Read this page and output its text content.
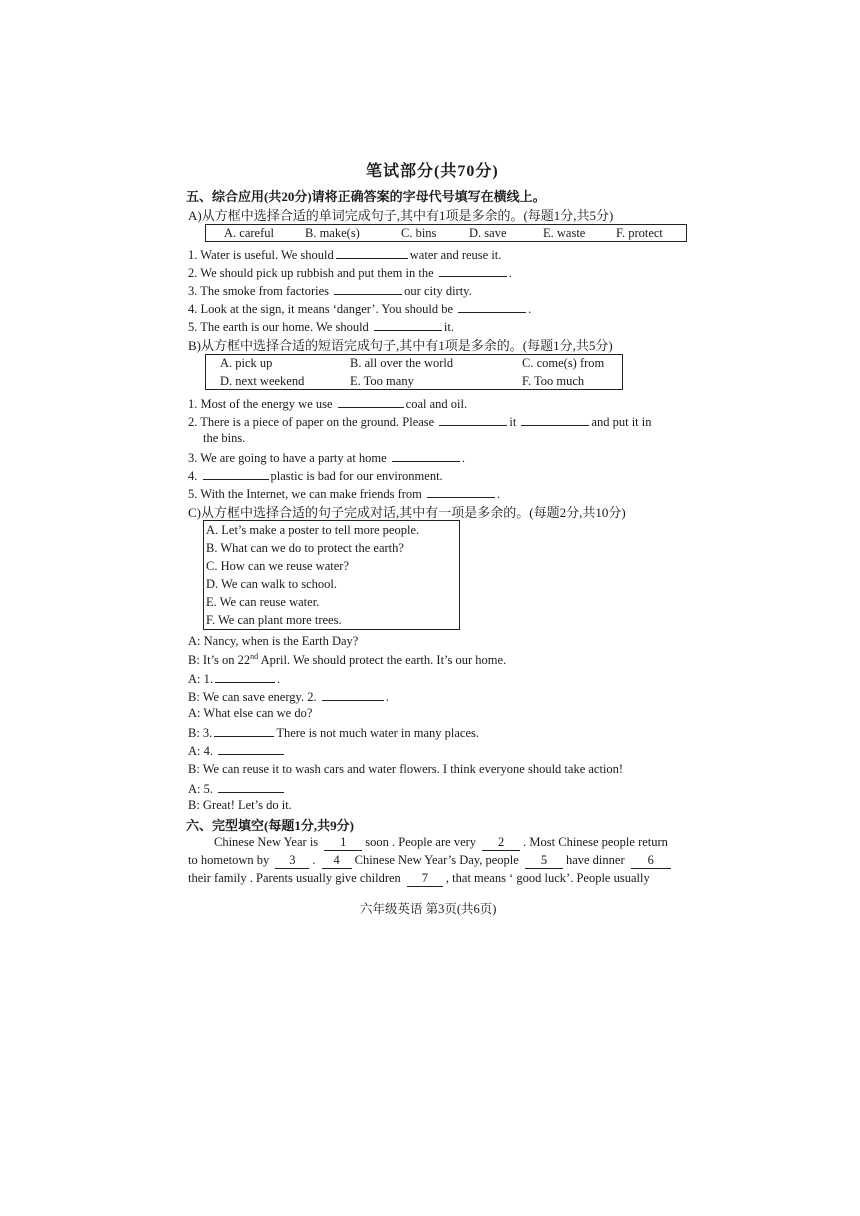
笔试部分(共70分)
五、综合应用(共20分)请将正确答案的字母代号填写在横线上。
A)从方框中选择合适的单词完成句子,其中有1项是多余的。(每题1分,共5分)
A. careful B. make(s)	C. bins	D. save	E. waste F. protect
1. Water is useful. We should	water and reuse it.
2. We should pick up rubbish and put them in the	.
3. The smoke from factories	our city dirty.
4. Look at the sign, it means ‘danger’. You should be	.
5. The earth is our home. We should	it.
B)从方框中选择合适的短语完成句子,其中有1项是多余的。(每题1分,共5分)
A. pick up	B. all over the world	C. come(s) from
D. next weekend	E. Too many	F. Too much
1. Most of the energy we use	coal and oil.
2. There is a piece of paper on the ground. Please	it	and put it in
the bins.
3. We are going to have a party at home	.
4.	plastic is bad for our environment.
5. With the Internet, we can make friends from	.
C)从方框中选择合适的句子完成对话,其中有一项是多余的。(每题2分,共10分)
A. Let’s make a poster to tell more people.
B. What can we do to protect the earth?
C. How can we reuse water?
D. We can walk to school.
E. We can reuse water.
F. We can plant more trees.
A: Nancy, when is the Earth Day?
B: It’s on 22nd April. We should protect the earth. It’s our home.
A: 1.	.
B: We can save energy. 2.	.
A: What else can we do?
B: 3.	There is not much water in many places.
A: 4.
B: We can reuse it to wash cars and water flowers. I think everyone should take action!
A: 5.
B: Great! Let’s do it.
六、完型填空(每题1分,共9分)
Chinese New Year is 1 soon . People are very 2 . Most Chinese people return
to hometown by 3 . 4 Chinese New Year’s Day, people 5 have dinner 6
their family . Parents usually give children 7 , that means ‘ good luck’. People usually
六年级英语 第3页(共6页)
